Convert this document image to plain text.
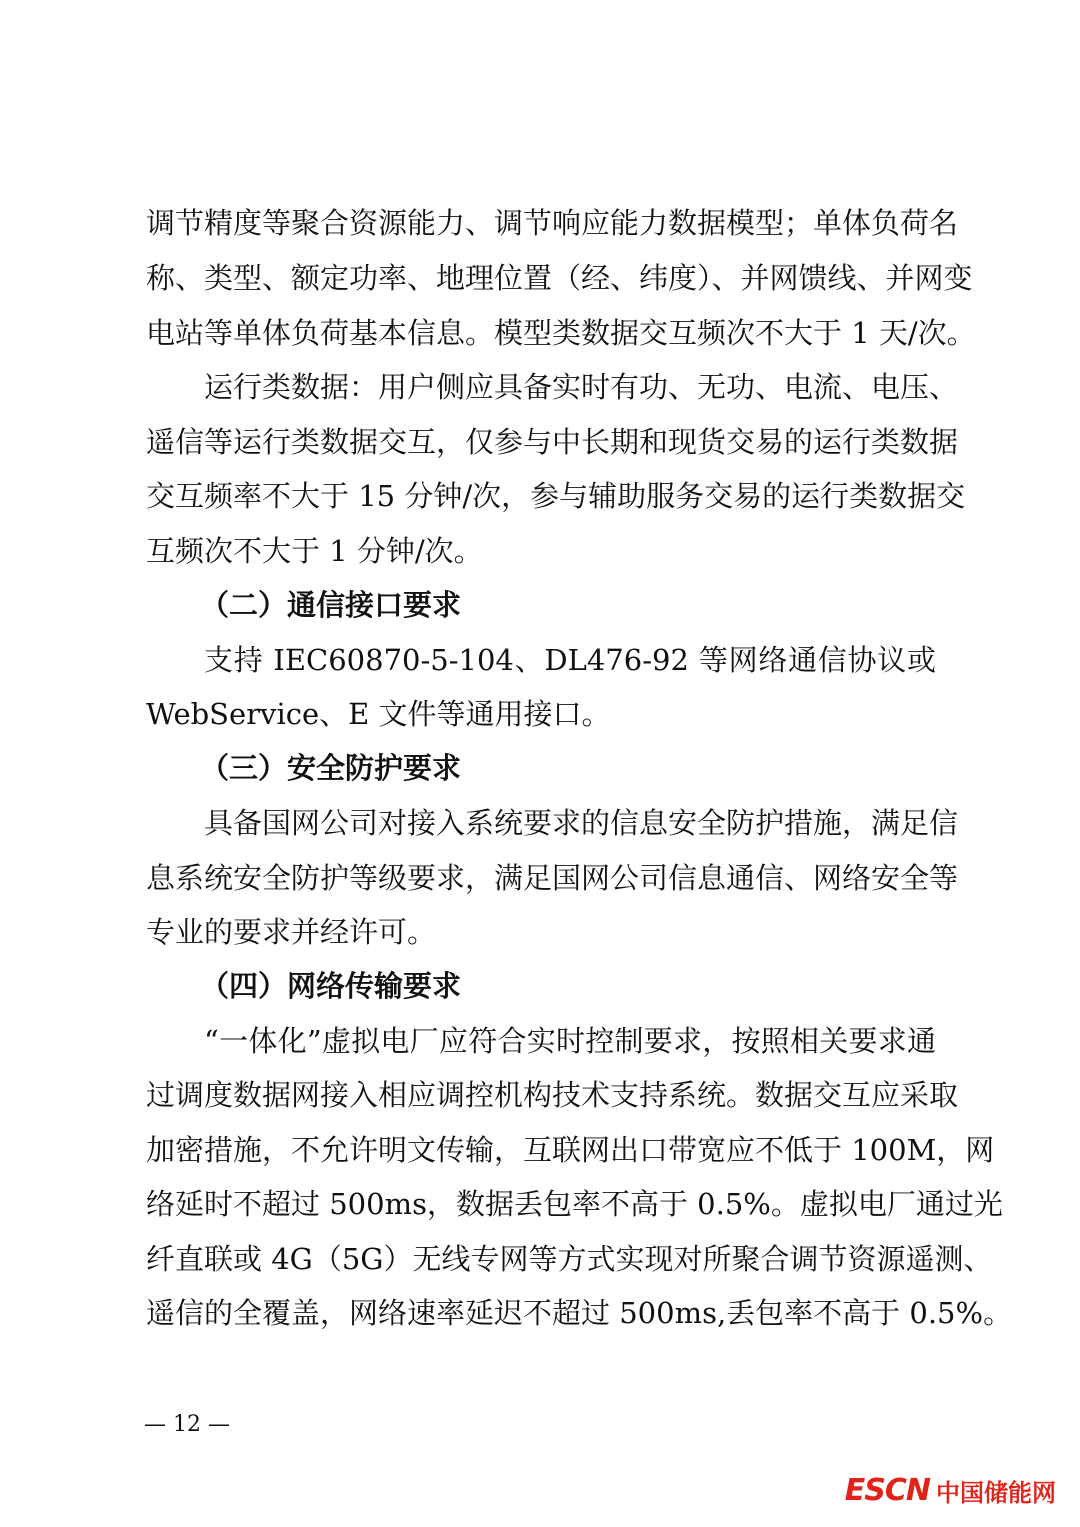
调节精度等聚合资源能力、调节响应能力数据模型；单体负荷名
称、类型、额定功率、地理位置（经、纬度）、并网馈线、并网变
电站等单体负荷基本信息。模型类数据交互频次不大于 1 天/次。
运行类数据：用户侧应具备实时有功、无功、电流、电压、
遥信等运行类数据交互，仅参与中长期和现货交易的运行类数据
交互频率不大于 15 分钟/次，参与辅助服务交易的运行类数据交
互频次不大于 1 分钟/次。
（二）通信接口要求
支持 IEC60870-5-104、DL476-92 等网络通信协议或
WebService、E 文件等通用接口。
（三）安全防护要求
具备国网公司对接入系统要求的信息安全防护措施，满足信
息系统安全防护等级要求，满足国网公司信息通信、网络安全等
专业的要求并经许可。
（四）网络传输要求
“一体化”虚拟电厂应符合实时控制要求，按照相关要求通
过调度数据网接入相应调控机构技术支持系统。数据交互应采取
加密措施，不允许明文传输，互联网出口带宽应不低于 100M，网
络延时不超过 500ms，数据丢包率不高于 0.5%。虚拟电厂通过光
纤直联或 4G（5G）无线专网等方式实现对所聚合调节资源遥测、
遥信的全覆盖，网络速率延迟不超过 500ms,丢包率不高于 0.5%。
— 12 —
ESCN 中国储能网
